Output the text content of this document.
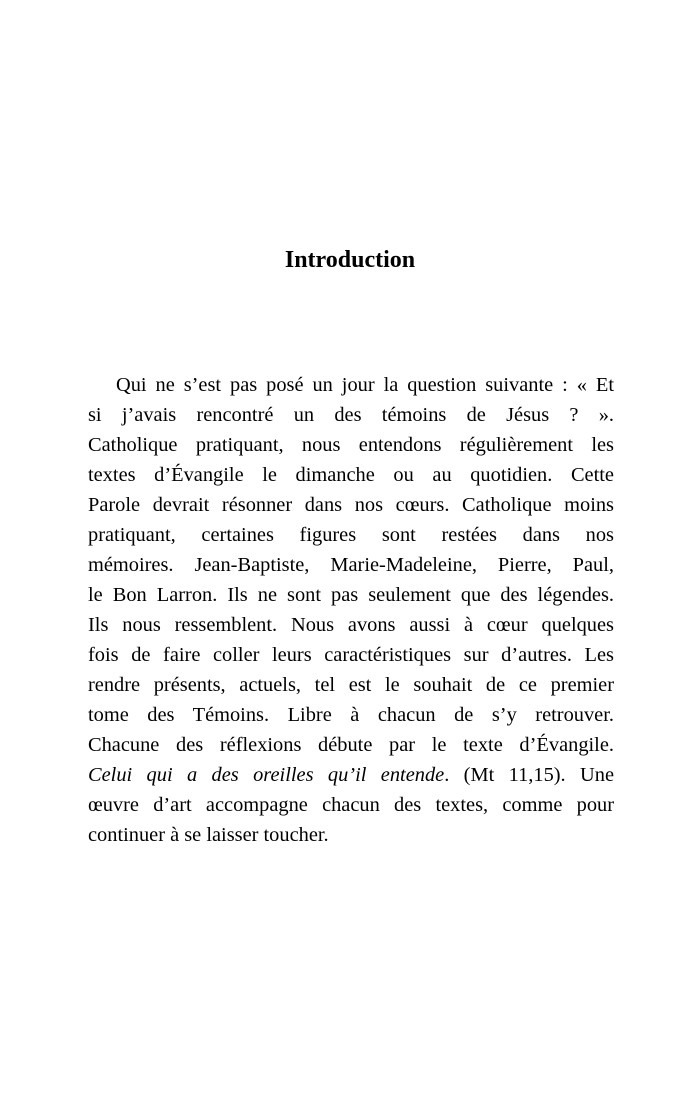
Introduction
Qui ne s’est pas posé un jour la question suivante : « Et
si j’avais rencontré un des témoins de Jésus ? ».
Catholique pratiquant, nous entendons régulièrement les
textes d’Évangile le dimanche ou au quotidien. Cette
Parole devrait résonner dans nos cœurs. Catholique moins
pratiquant, certaines figures sont restées dans nos
mémoires. Jean-Baptiste, Marie-Madeleine, Pierre, Paul,
le Bon Larron. Ils ne sont pas seulement que des légendes.
Ils nous ressemblent. Nous avons aussi à cœur quelques
fois de faire coller leurs caractéristiques sur d’autres. Les
rendre présents, actuels, tel est le souhait de ce premier
tome des Témoins. Libre à chacun de s’y retrouver.
Chacune des réflexions débute par le texte d’Évangile.
Celui qui a des oreilles qu’il entende. (Mt 11,15). Une
œuvre d’art accompagne chacun des textes, comme pour
continuer à se laisser toucher.
